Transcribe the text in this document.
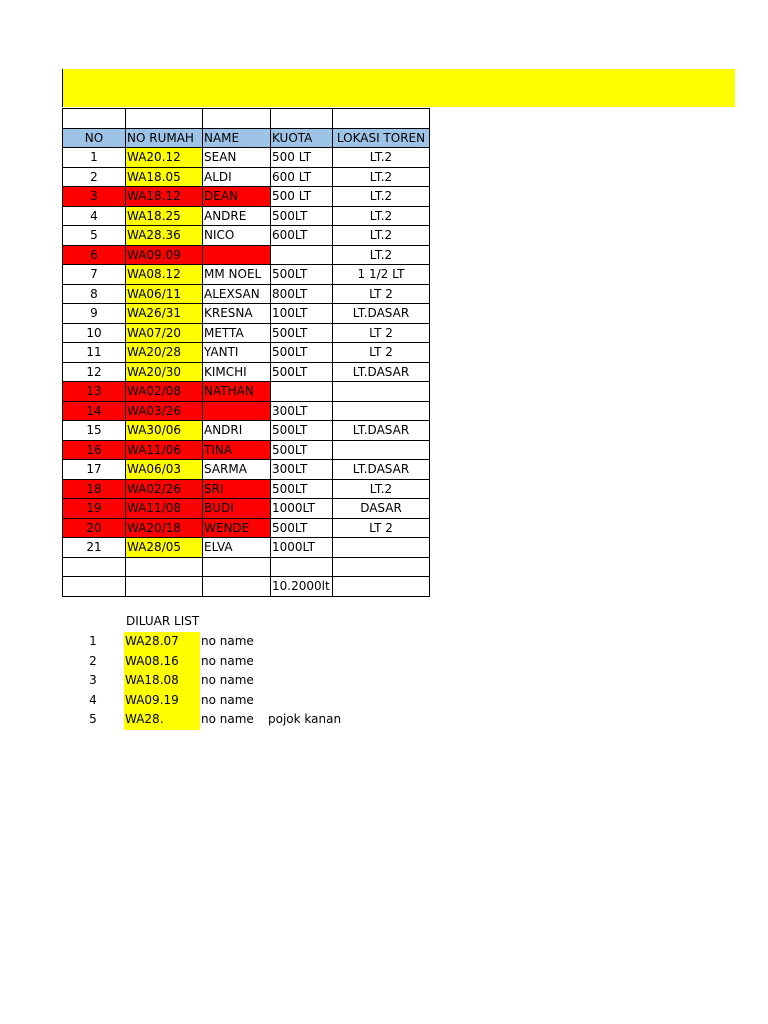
NO	NO RUMAH	NAME	KUOTA	LOKASI TOREN
1	WA20.12	SEAN	500 LT	LT.2
2	WA18.05	ALDI	600 LT	LT.2
3	WA18.12	DEAN	500 LT	LT.2
4	WA18.25	ANDRE	500LT	LT.2
5	WA28.36	NICO	600LT	LT.2
6	WA09.09			LT.2
7	WA08.12	MM NOEL	500LT	1 1/2 LT
8	WA06/11	ALEXSAN	800LT	LT 2
9	WA26/31	KRESNA	100LT	LT.DASAR
10	WA07/20	METTA	500LT	LT 2
11	WA20/28	YANTI	500LT	LT 2
12	WA20/30	KIMCHI	500LT	LT.DASAR
13	WA02/08	NATHAN		
14	WA03/26		300LT	
15	WA30/06	ANDRI	500LT	LT.DASAR
16	WA11/06	TINA	500LT	
17	WA06/03	SARMA	300LT	LT.DASAR
18	WA02/26	SRI	500LT	LT.2
19	WA11/08	BUDI	1000LT	DASAR
20	WA20/18	WENDE	500LT	LT 2
21	WA28/05	ELVA	1000LT	

			10.2000lt	
DILUAR LIST
1	WA28.07	no name	
2	WA08.16	no name	
3	WA18.08	no name	
4	WA09.19	no name	
5	WA28.	no name	pojok kanan
